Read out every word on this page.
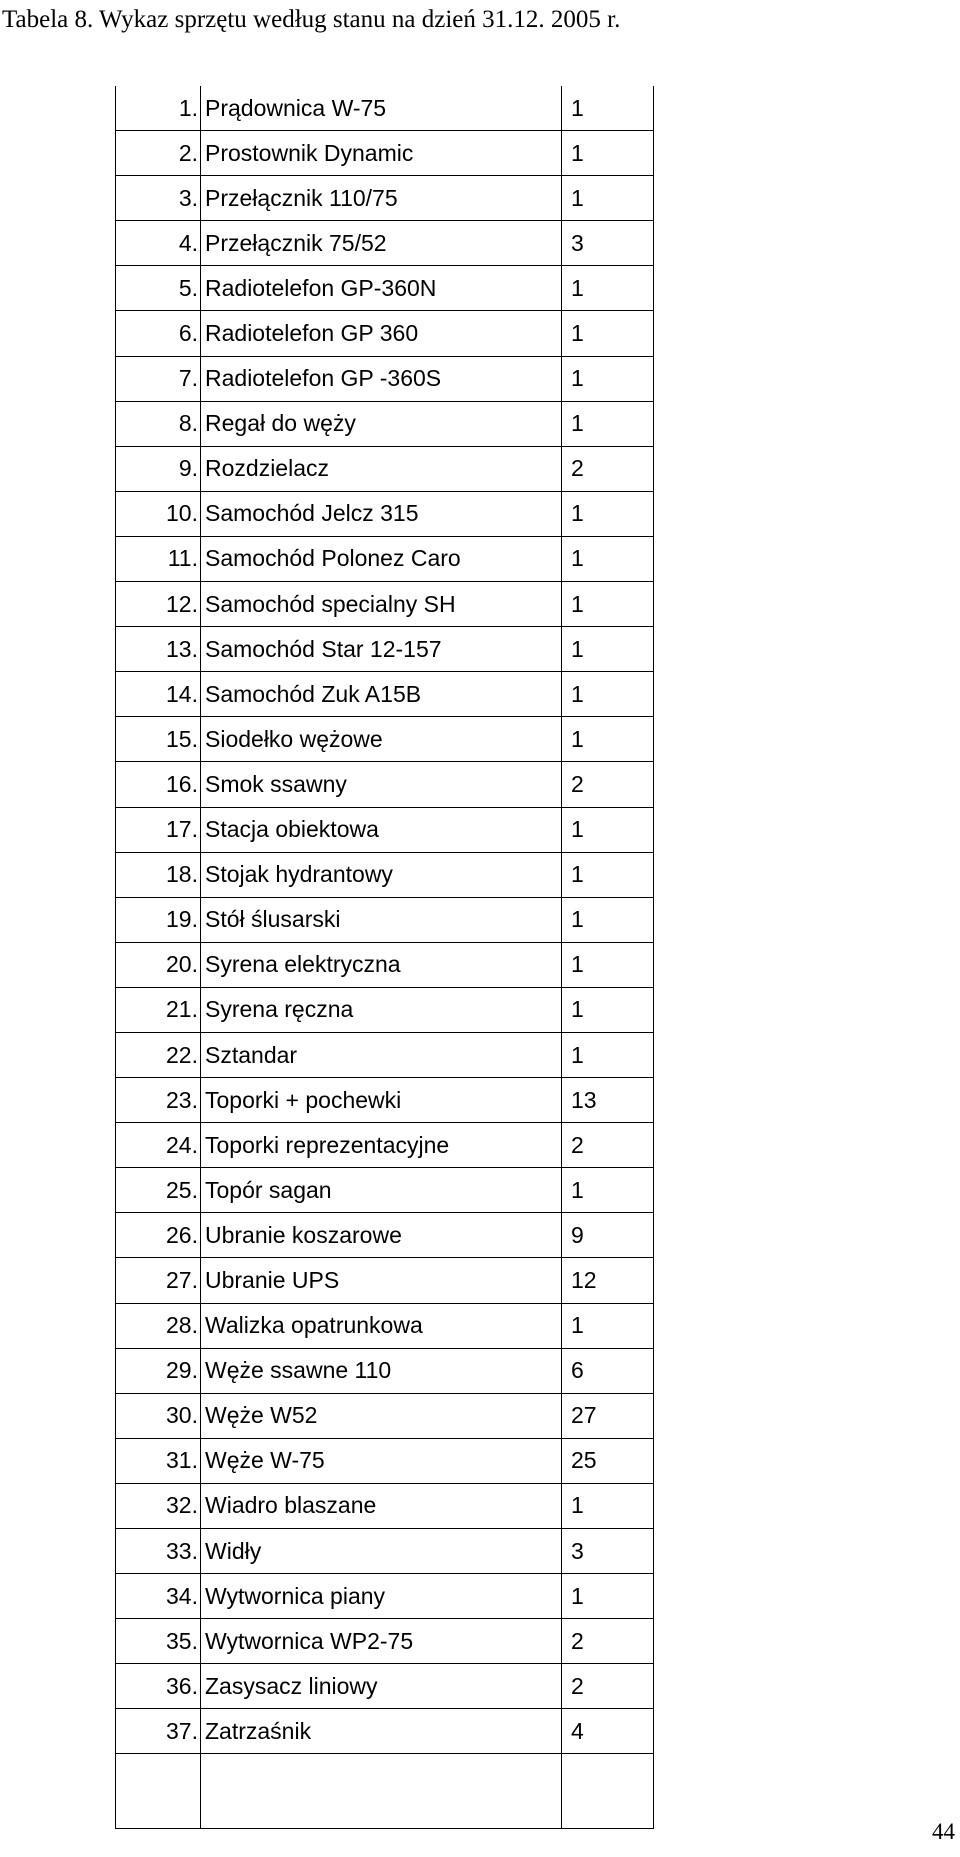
Tabela 8. Wykaz sprzętu według stanu na dzień 31.12. 2005 r.
1. Prądownica W-75	1
2. Prostownik Dynamic	1
3. Przełącznik 110/75	1
4. Przełącznik 75/52	3
5. Radiotelefon GP-360N	1
6. Radiotelefon GP 360	1
7. Radiotelefon GP -360S	1
8. Regał do węży	1
9. Rozdzielacz	2
10. Samochód Jelcz 315	1
11. Samochód Polonez Caro	1
12. Samochód specialny SH	1
13. Samochód Star 12-157	1
14. Samochód Zuk A15B	1
15. Siodełko wężowe	1
16. Smok ssawny	2
17. Stacja obiektowa	1
18. Stojak hydrantowy	1
19. Stół ślusarski	1
20. Syrena elektryczna	1
21. Syrena ręczna	1
22. Sztandar	1
23. Toporki + pochewki	13
24. Toporki reprezentacyjne	2
25. Topór sagan	1
26. Ubranie koszarowe	9
27. Ubranie UPS	12
28. Walizka opatrunkowa	1
29. Węże ssawne 110	6
30. Węże W52	27
31. Węże W-75	25
32. Wiadro blaszane	1
33. Widły	3
34. Wytwornica piany	1
35. Wytwornica WP2-75	2
36. Zasysacz liniowy	2
37. Zatrzaśnik	4
44
